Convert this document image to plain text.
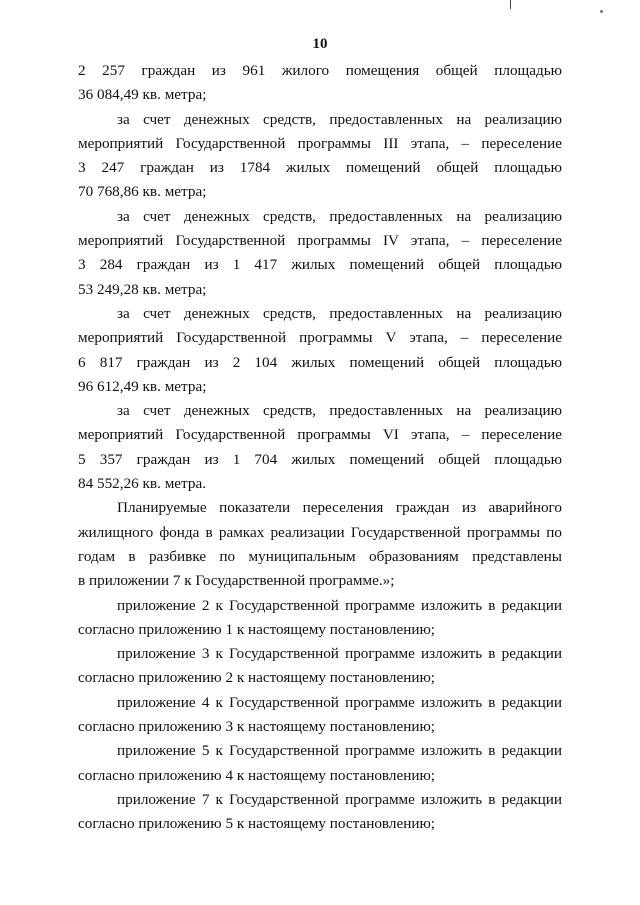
10

2 257 граждан из 961 жилого помещения общей площадью
36 084,49 кв. метра;

за счет денежных средств, предоставленных на реализацию
мероприятий Государственной программы III этапа, – переселение
3 247 граждан из 1784 жилых помещений общей площадью
70 768,86 кв. метра;

за счет денежных средств, предоставленных на реализацию
мероприятий Государственной программы IV этапа, – переселение
3 284 граждан из 1 417 жилых помещений общей площадью
53 249,28 кв. метра;

за счет денежных средств, предоставленных на реализацию
мероприятий Государственной программы V этапа, – переселение
6 817 граждан из 2 104 жилых помещений общей площадью
96 612,49 кв. метра;

за счет денежных средств, предоставленных на реализацию
мероприятий Государственной программы VI этапа, – переселение
5 357 граждан из 1 704 жилых помещений общей площадью
84 552,26 кв. метра.

Планируемые показатели переселения граждан из аварийного
жилищного фонда в рамках реализации Государственной программы по
годам в разбивке по муниципальным образованиям представлены
в приложении 7 к Государственной программе.»;

приложение 2 к Государственной программе изложить в редакции
согласно приложению 1 к настоящему постановлению;

приложение 3 к Государственной программе изложить в редакции
согласно приложению 2 к настоящему постановлению;

приложение 4 к Государственной программе изложить в редакции
согласно приложению 3 к настоящему постановлению;

приложение 5 к Государственной программе изложить в редакции
согласно приложению 4 к настоящему постановлению;

приложение 7 к Государственной программе изложить в редакции
согласно приложению 5 к настоящему постановлению;
